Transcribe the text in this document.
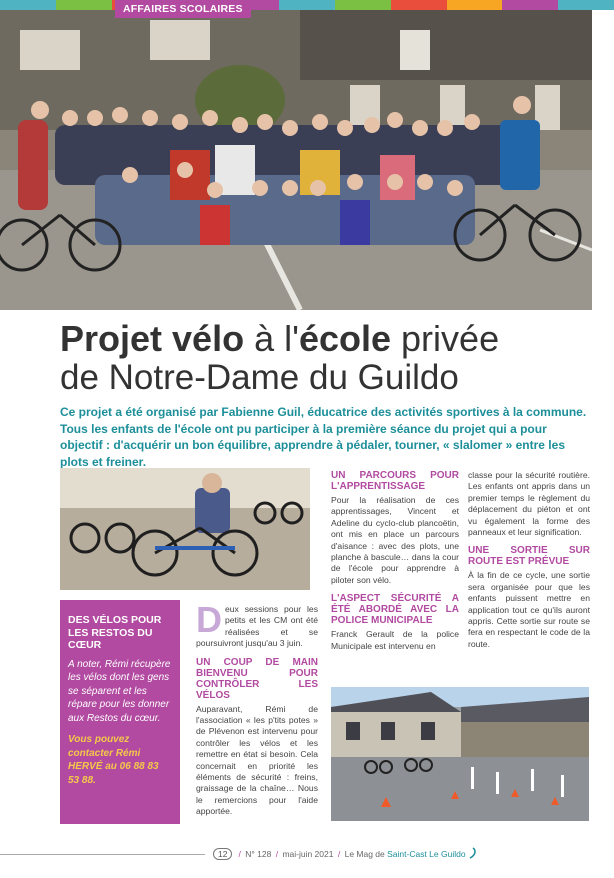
AFFAIRES SCOLAIRES
Projet vélo à l'école privée
de Notre-Dame du Guildo
Ce projet a été organisé par Fabienne Guil, éducatrice des activités sportives à la commune. Tous les enfants de l'école ont pu participer à la première séance du projet qui a pour objectif : d'acquérir un bon équilibre, apprendre à pédaler, tourner, « slalomer » entre les plots et freiner.
DES VÉLOS POUR LES RESTOS DU CŒUR

A noter, Rémi récupère les vélos dont les gens se séparent et les répare pour les donner aux Restos du cœur.

Vous pouvez contacter Rémi HERVÉ au 06 88 83 53 88.

Deux sessions pour les petits et les CM ont été réalisées et se poursuivront jusqu'au 3 juin.

UN COUP DE MAIN BIENVENU POUR CONTRÔLER LES VÉLOS

Auparavant, Rémi de l'association « les p'tits potes » de Plévenon est intervenu pour contrôler les vélos et les remettre en état si besoin. Cela concernait en priorité les éléments de sécurité : freins, graissage de la chaîne… Nous le remercions pour l'aide apportée.

UN PARCOURS POUR L'APPRENTISSAGE

Pour la réalisation de ces apprentissages, Vincent et Adeline du cyclo-club plancoëtin, ont mis en place un parcours d'aisance : avec des plots, une planche à bascule… dans la cour de l'école pour apprendre à piloter son vélo.

L'ASPECT SÉCURITÉ A ÉTÉ ABORDÉ AVEC LA POLICE MUNICIPALE

Franck Gerault de la police Municipale est intervenu en

classe pour la sécurité routière. Les enfants ont appris dans un premier temps le règlement du déplacement du piéton et ont vu également la forme des panneaux et leur signification.

UNE SORTIE SUR ROUTE EST PRÉVUE

À la fin de ce cycle, une sortie sera organisée pour que les enfants puissent mettre en application tout ce qu'ils auront appris. Cette sortie sur route se fera en respectant le code de la route.

12 / N° 128 / mai-juin 2021 / Le Mag de Saint-Cast Le Guildo
